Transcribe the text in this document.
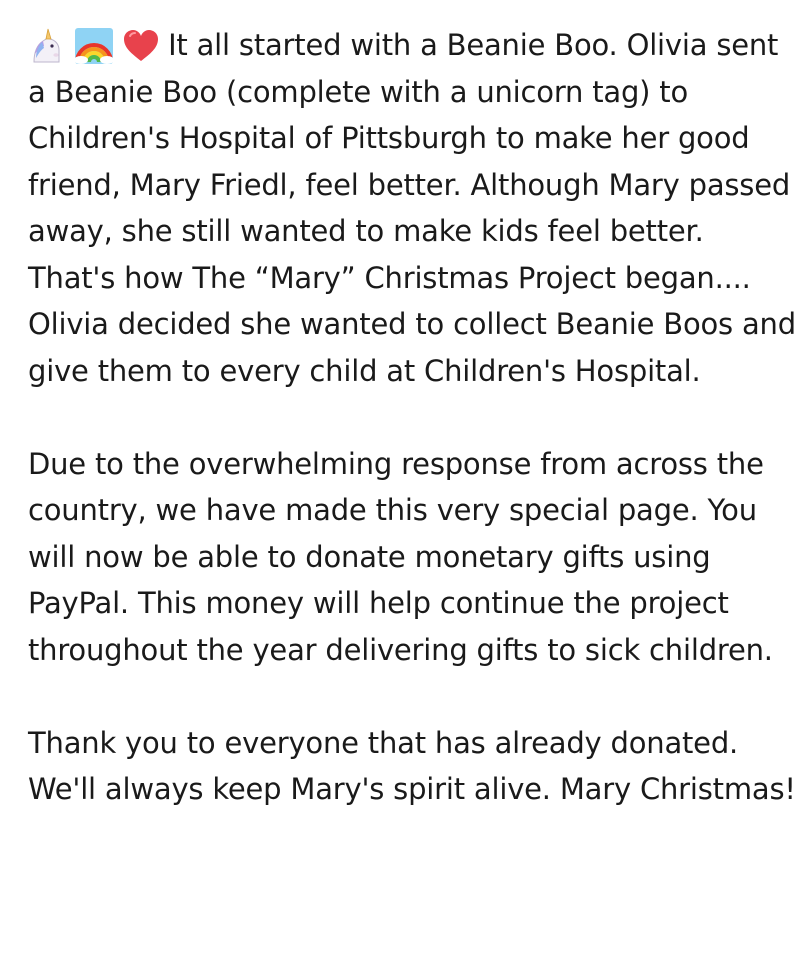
It all started with a Beanie Boo. Olivia sent a Beanie Boo (complete with a unicorn tag) to Children's Hospital of Pittsburgh to make her good friend, Mary Friedl, feel better. Although Mary passed away, she still wanted to make kids feel better. That's how The “Mary” Christmas Project began.... Olivia decided she wanted to collect Beanie Boos and give them to every child at Children's Hospital.

Due to the overwhelming response from across the country, we have made this very special page. You will now be able to donate monetary gifts using PayPal. This money will help continue the project throughout the year delivering gifts to sick children.

Thank you to everyone that has already donated. We'll always keep Mary's spirit alive. Mary Christmas!
